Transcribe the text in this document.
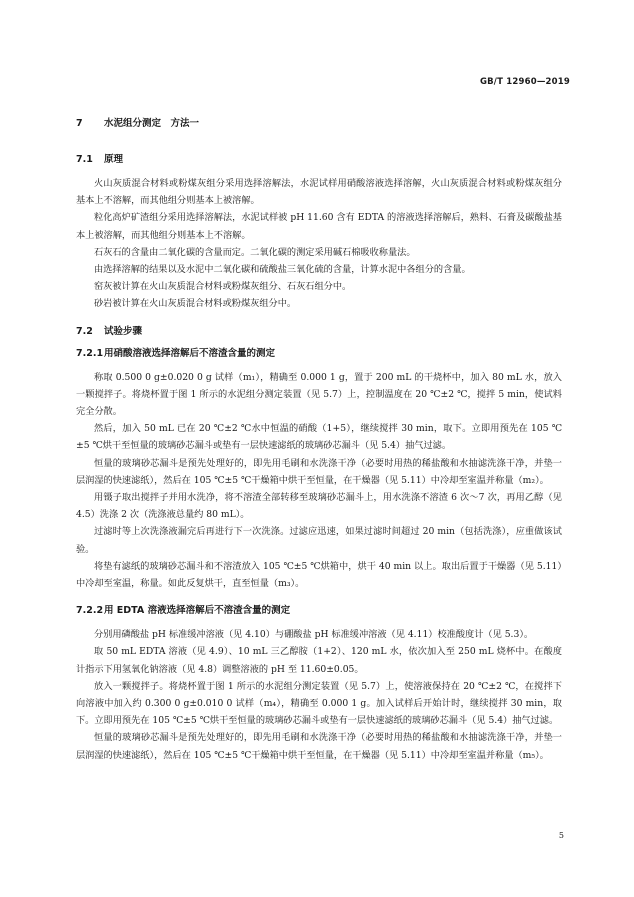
GB/T 12960—2019
7 水泥组分测定　方法一
7.1 原理

火山灰质混合材料或粉煤灰组分采用选择溶解法，水泥试样用硝酸溶液选择溶解，火山灰质混合材料或粉煤灰组分基本上不溶解，而其他组分则基本上被溶解。

粒化高炉矿渣组分采用选择溶解法，水泥试样被 pH 11.60 含有 EDTA 的溶液选择溶解后，熟料、石膏及碳酸盐基本上被溶解，而其他组分则基本上不溶解。

石灰石的含量由二氧化碳的含量而定。二氧化碳的测定采用碱石棉吸收称量法。

由选择溶解的结果以及水泥中二氧化碳和硫酸盐三氧化硫的含量，计算水泥中各组分的含量。

窑灰被计算在火山灰质混合材料或粉煤灰组分、石灰石组分中。

砂岩被计算在火山灰质混合材料或粉煤灰组分中。

7.2 试验步骤
7.2.1用硝酸溶液选择溶解后不溶渣含量的测定

称取 0.500 0 g±0.020 0 g 试样（m₁），精确至 0.000 1 g，置于 200 mL 的干烧杯中，加入 80 mL 水，放入一颗搅拌子。将烧杯置于图 1 所示的水泥组分测定装置（见 5.7）上，控制温度在 20 ℃±2 ℃，搅拌 5 min，使试料完全分散。

然后，加入 50 mL 已在 20 ℃±2 ℃水中恒温的硝酸（1+5），继续搅拌 30 min，取下。立即用预先在 105 ℃±5 ℃烘干至恒量的玻璃砂芯漏斗或垫有一层快速滤纸的玻璃砂芯漏斗（见 5.4）抽气过滤。

恒量的玻璃砂芯漏斗是预先处理好的，即先用毛刷和水洗涤干净（必要时用热的稀盐酸和水抽滤洗涤干净，并垫一层润湿的快速滤纸），然后在 105 ℃±5 ℃干燥箱中烘干至恒量，在干燥器（见 5.11）中冷却至室温并称量（m₂）。

用镊子取出搅拌子并用水洗净，将不溶渣全部转移至玻璃砂芯漏斗上，用水洗涤不溶渣 6 次～7 次，再用乙醇（见 4.5）洗涤 2 次（洗涤液总量约 80 mL）。

过滤时等上次洗涤液漏完后再进行下一次洗涤。过滤应迅速，如果过滤时间超过 20 min（包括洗涤），应重做该试验。

将垫有滤纸的玻璃砂芯漏斗和不溶渣放入 105 ℃±5 ℃烘箱中，烘干 40 min 以上。取出后置于干燥器（见 5.11）中冷却至室温，称量。如此反复烘干，直至恒量（m₃）。

7.2.2用 EDTA 溶液选择溶解后不溶渣含量的测定

分别用磷酸盐 pH 标准缓冲溶液（见 4.10）与硼酸盐 pH 标准缓冲溶液（见 4.11）校准酸度计（见 5.3）。

取 50 mL EDTA 溶液（见 4.9）、10 mL 三乙醇胺（1+2）、120 mL 水，依次加入至 250 mL 烧杯中。在酸度计指示下用氢氧化钠溶液（见 4.8）调整溶液的 pH 至 11.60±0.05。

放入一颗搅拌子。将烧杯置于图 1 所示的水泥组分测定装置（见 5.7）上，使溶液保持在 20 ℃±2 ℃，在搅拌下向溶液中加入约 0.300 0 g±0.010 0 试样（m₄），精确至 0.000 1 g。加入试样后开始计时，继续搅拌 30 min，取下。立即用预先在 105 ℃±5 ℃烘干至恒量的玻璃砂芯漏斗或垫有一层快速滤纸的玻璃砂芯漏斗（见 5.4）抽气过滤。

恒量的玻璃砂芯漏斗是预先处理好的，即先用毛刷和水洗涤干净（必要时用热的稀盐酸和水抽滤洗涤干净，并垫一层润湿的快速滤纸），然后在 105 ℃±5 ℃干燥箱中烘干至恒量，在干燥器（见 5.11）中冷却至室温并称量（m₅）。

5
